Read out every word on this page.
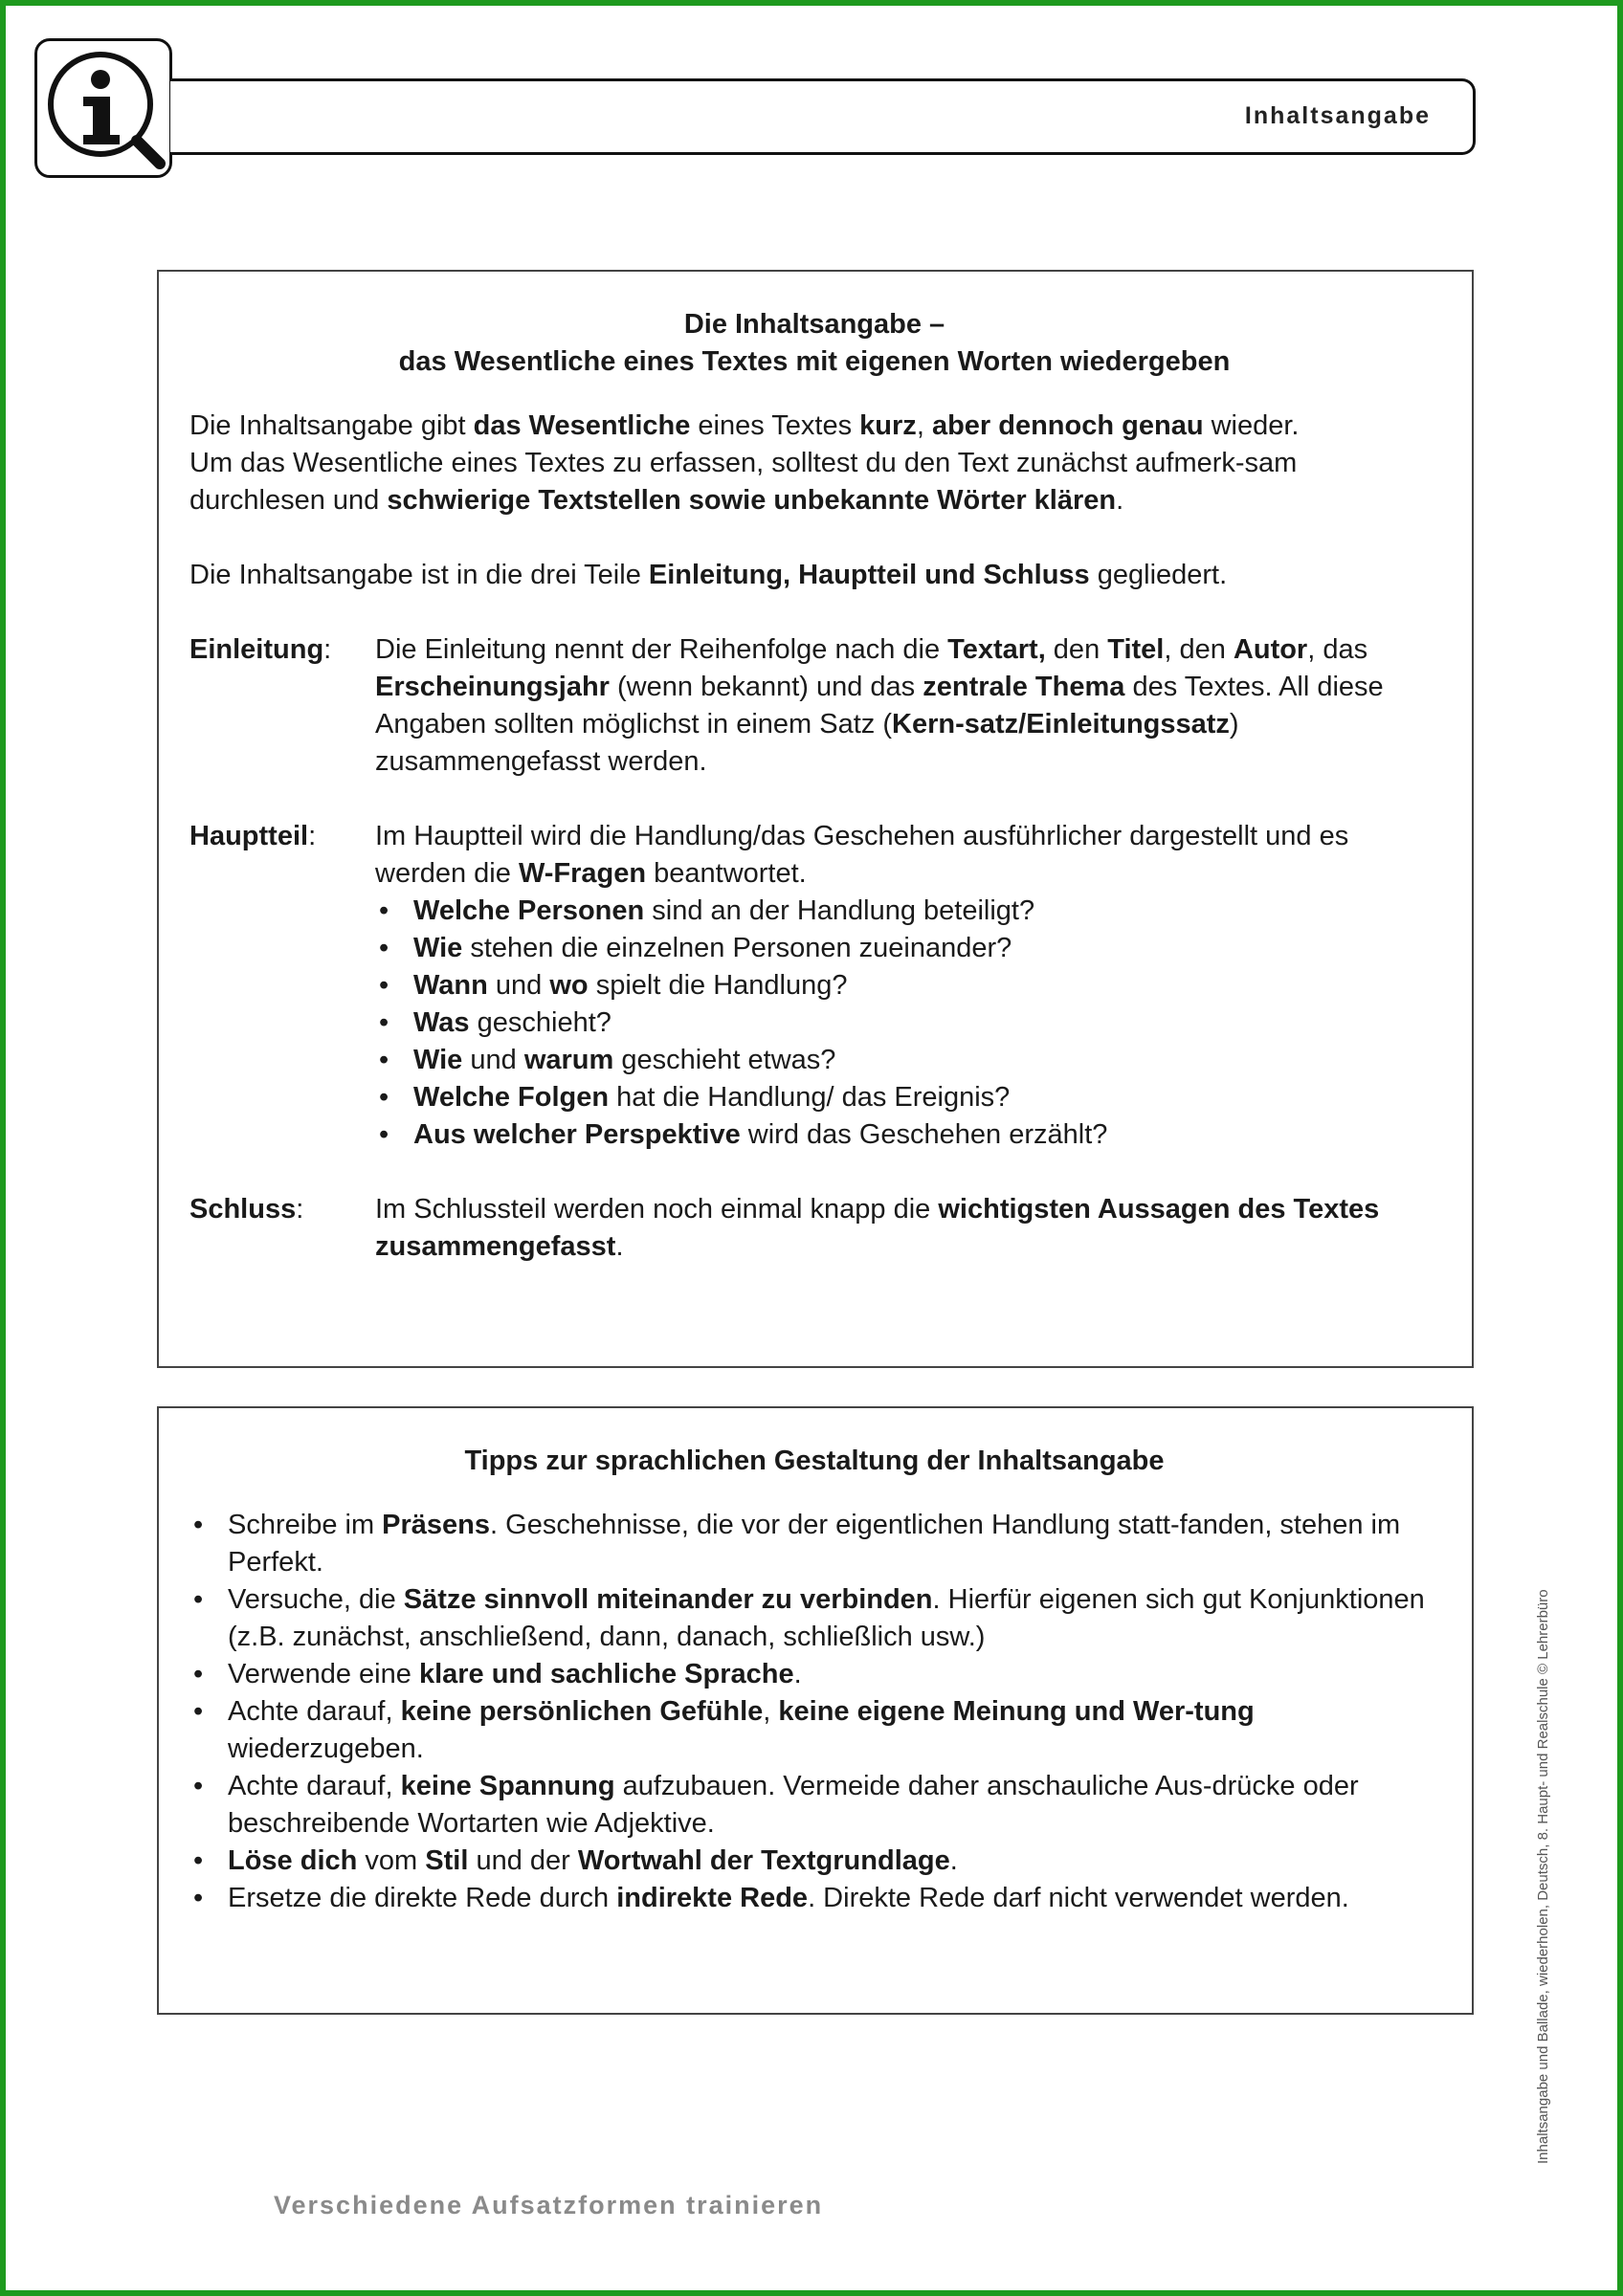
Inhaltsangabe
Die Inhaltsangabe –
das Wesentliche eines Textes mit eigenen Worten wiedergeben

Die Inhaltsangabe gibt das Wesentliche eines Textes kurz, aber dennoch genau wieder.

Um das Wesentliche eines Textes zu erfassen, solltest du den Text zunächst aufmerk-sam durchlesen und schwierige Textstellen sowie unbekannte Wörter klären.

Die Inhaltsangabe ist in die drei Teile Einleitung, Hauptteil und Schluss gegliedert.

Einleitung:	Die Einleitung nennt der Reihenfolge nach die Textart, den Titel, den Autor, das Erscheinungsjahr (wenn bekannt) und das zentrale Thema des Textes. All diese Angaben sollten möglichst in einem Satz (Kern-satz/Einleitungssatz) zusammengefasst werden.
Hauptteil:	Im Hauptteil wird die Handlung/das Geschehen ausführlicher dargestellt und es werden die W-Fragen beantwortet.
• Welche Personen sind an der Handlung beteiligt?
• Wie stehen die einzelnen Personen zueinander?
• Wann und wo spielt die Handlung?
• Was geschieht?
• Wie und warum geschieht etwas?
• Welche Folgen hat die Handlung/ das Ereignis?
• Aus welcher Perspektive wird das Geschehen erzählt?
Schluss:	Im Schlussteil werden noch einmal knapp die wichtigsten Aussagen des Textes zusammengefasst.
Tipps zur sprachlichen Gestaltung der Inhaltsangabe
• Schreibe im Präsens. Geschehnisse, die vor der eigentlichen Handlung statt-fanden, stehen im Perfekt.
• Versuche, die Sätze sinnvoll miteinander zu verbinden. Hierfür eigenen sich gut Konjunktionen (z.B. zunächst, anschließend, dann, danach, schließlich usw.)
• Verwende eine klare und sachliche Sprache.
• Achte darauf, keine persönlichen Gefühle, keine eigene Meinung und Wer-tung wiederzugeben.
• Achte darauf, keine Spannung aufzubauen. Vermeide daher anschauliche Aus-drücke oder beschreibende Wortarten wie Adjektive.
• Löse dich vom Stil und der Wortwahl der Textgrundlage.
• Ersetze die direkte Rede durch indirekte Rede. Direkte Rede darf nicht verwendet werden.
Verschiedene Aufsatzformen trainieren
Inhaltsangabe und Ballade, wiederholen, Deutsch, 8. Haupt- und Realschule © Lehrerbüro
